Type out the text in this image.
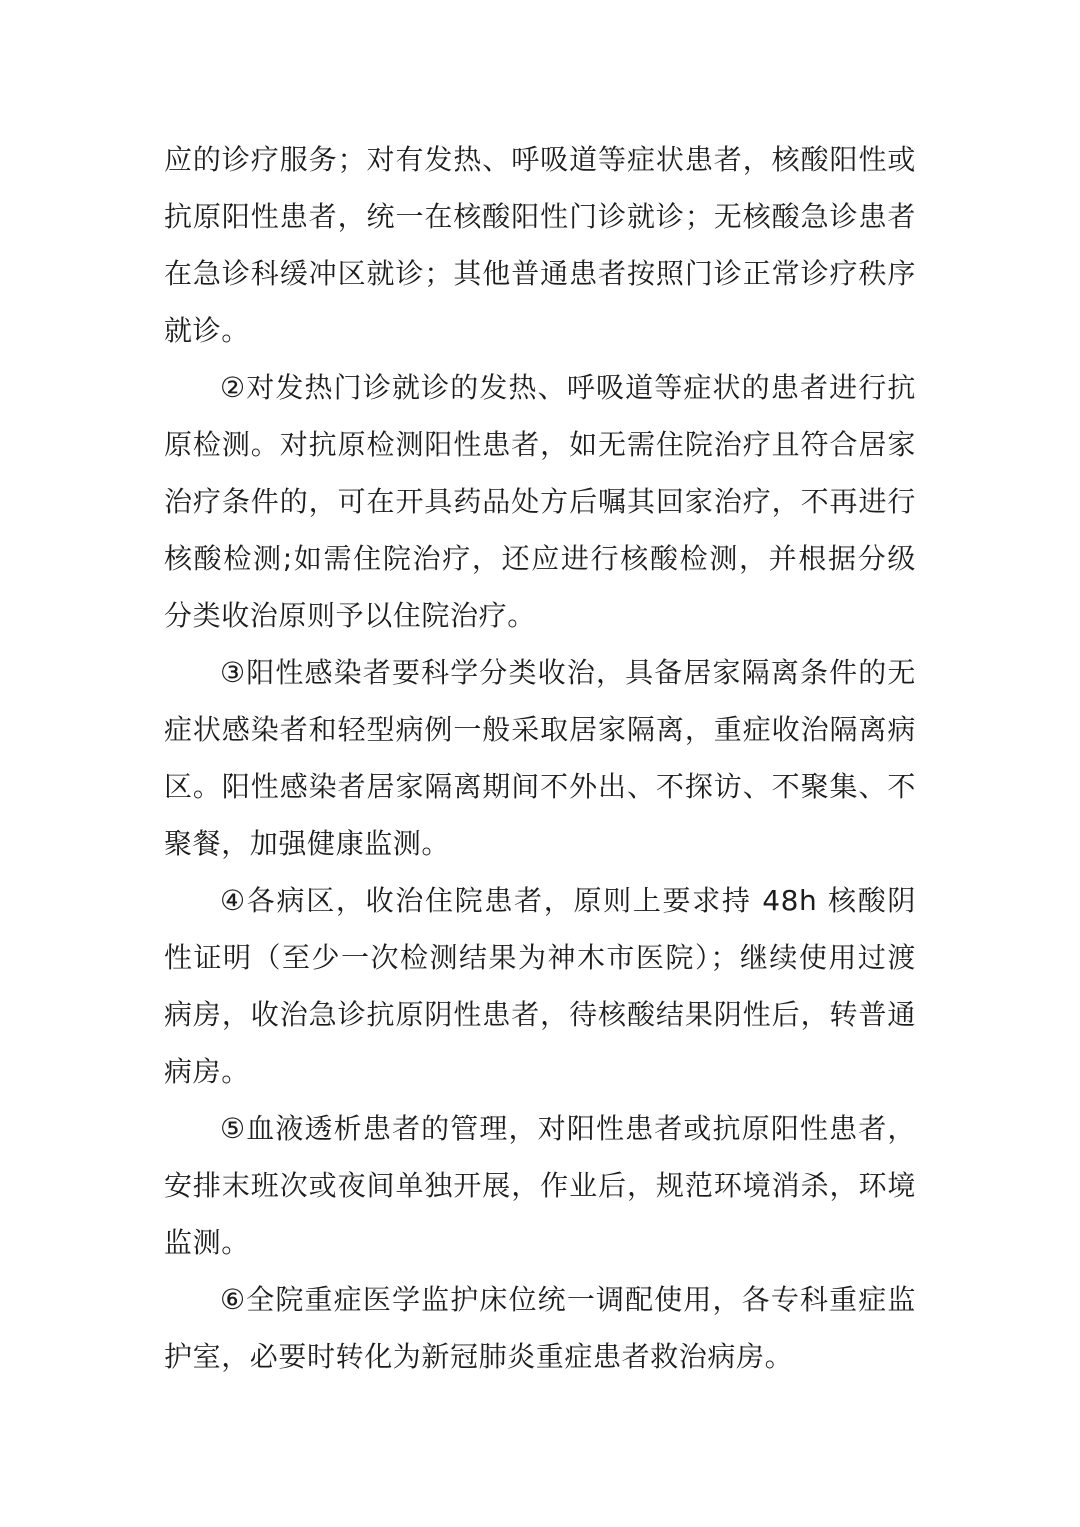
应的诊疗服务；对有发热、呼吸道等症状患者，核酸阳性或抗原阳性患者，统一在核酸阳性门诊就诊；无核酸急诊患者在急诊科缓冲区就诊；其他普通患者按照门诊正常诊疗秩序就诊。

②对发热门诊就诊的发热、呼吸道等症状的患者进行抗原检测。对抗原检测阳性患者，如无需住院治疗且符合居家治疗条件的，可在开具药品处方后嘱其回家治疗，不再进行核酸检测;如需住院治疗，还应进行核酸检测，并根据分级分类收治原则予以住院治疗。

③阳性感染者要科学分类收治，具备居家隔离条件的无症状感染者和轻型病例一般采取居家隔离，重症收治隔离病区。阳性感染者居家隔离期间不外出、不探访、不聚集、不聚餐，加强健康监测。

④各病区，收治住院患者，原则上要求持 48h 核酸阴性证明（至少一次检测结果为神木市医院）；继续使用过渡病房，收治急诊抗原阴性患者，待核酸结果阴性后，转普通病房。

⑤血液透析患者的管理，对阳性患者或抗原阳性患者，安排末班次或夜间单独开展，作业后，规范环境消杀，环境监测。

⑥全院重症医学监护床位统一调配使用，各专科重症监护室，必要时转化为新冠肺炎重症患者救治病房。
